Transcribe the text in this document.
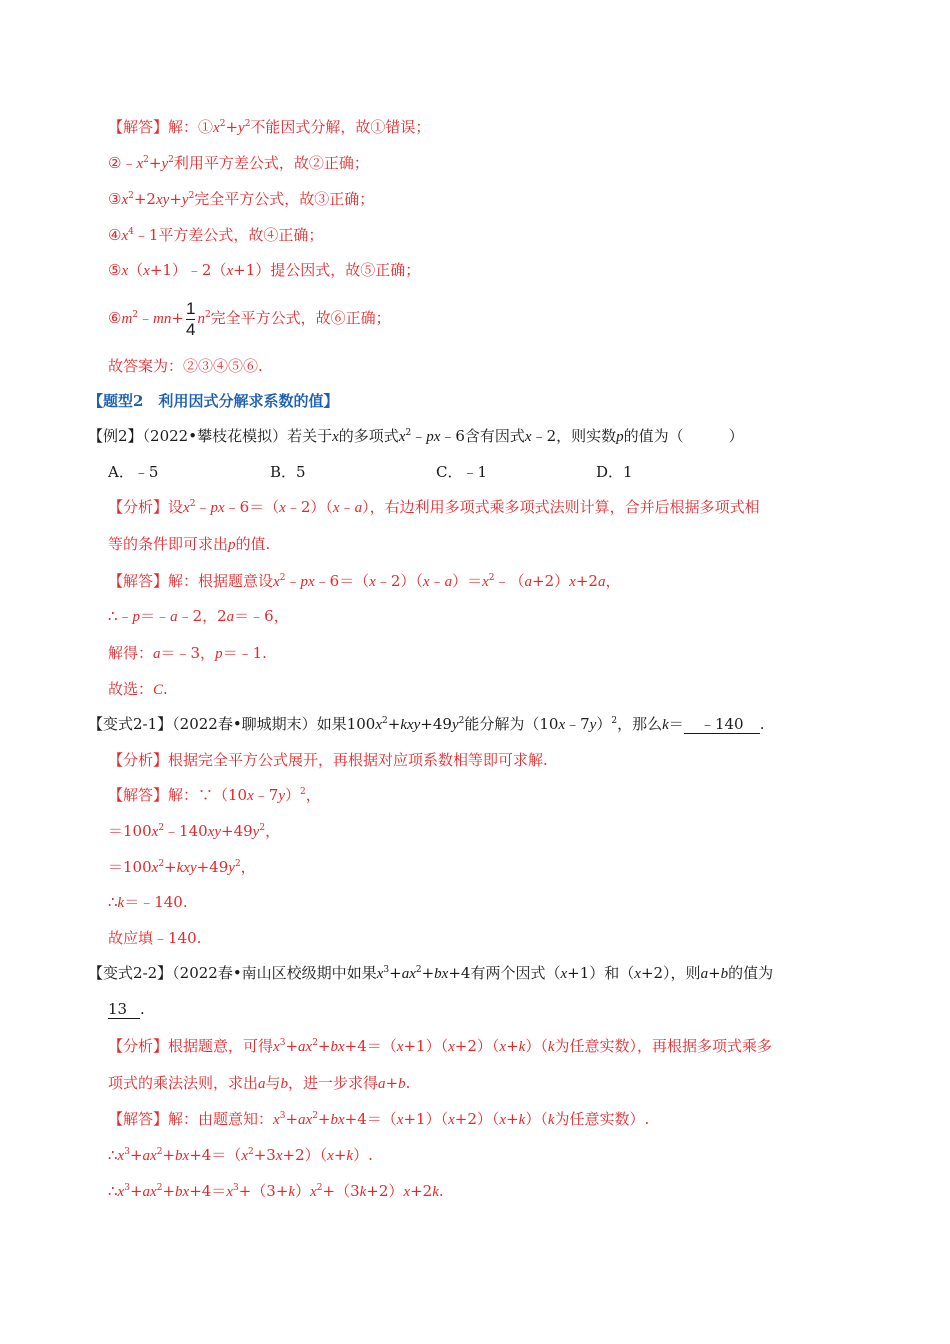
【解答】解：$①x^2+y^2$不能因式分解，故①错误；
$②﹣x^2+y^2$利用平方差公式，故②正确；
$③x^2+2xy+y^2$完全平方公式，故③正确；
$④x^4﹣1$平方差公式，故④正确；
⑤x（x+1）﹣2（x+1）提公因式，故⑤正确；
$⑥m^2﹣mn+ \frac{1}{4} n^2$完全平方公式，故⑥正确；
故答案为：②③④⑤⑥.
【题型2　利用因式分解求系数的值】
【例2】（2022•攀枝花模拟）若关于x的多项式$x^2﹣px﹣6$含有因式x﹣2，则实数p的值为（　　　）
A．﹣5	B．5	C．﹣1	D．1
【分析】设$x^2﹣px﹣6=(x﹣2)(x﹣a)$，右边利用多项式乘多项式法则计算，合并后根据多项式相
等的条件即可求出p的值.
【解答】解：根据题意设$x^2﹣px﹣6=(x﹣2)(x﹣a)=x^2﹣(a+2)x+2a$，
∴﹣p＝﹣a﹣2，2a＝﹣6，
解得：a＝﹣3，p＝﹣1.
故选：C.
【变式2-1】（2022春•聊城期末）如果$100x^2+kxy+49y^2$能分解为（10x﹣7y）$^2$，那么k＝ ﹣140 .
【分析】根据完全平方公式展开，再根据对应项系数相等即可求解.
【解答】解：∵（10x﹣7y）$^2$，
$=100x^2﹣140xy+49y^2$，
$=100x^2+kxy+49y^2$，
∴k＝﹣140.
故应填﹣140.
【变式2-2】（2022春•南山区校级期中如果$x^3+ax^2+bx+4$有两个因式（x+1）和（x+2），则a+b的值为
13 .
【分析】根据题意，可得$x^3+ax^2+bx+4=(x+1)(x+2)(x+k)(k$为任意实数），再根据多项式乘多
项式的乘法法则，求出a与b，进一步求得a+b.
【解答】解：由题意知：$x^3+ax^2+bx+4=(x+1)(x+2)(x+k)(k$为任意实数）.
$\therefore x^3+ax^2+bx+4=(x^2+3x+2)(x+k)$.
$\therefore x^3+ax^2+bx+4=x^3+(3+k)x^2+(3k+2)x+2k$.
